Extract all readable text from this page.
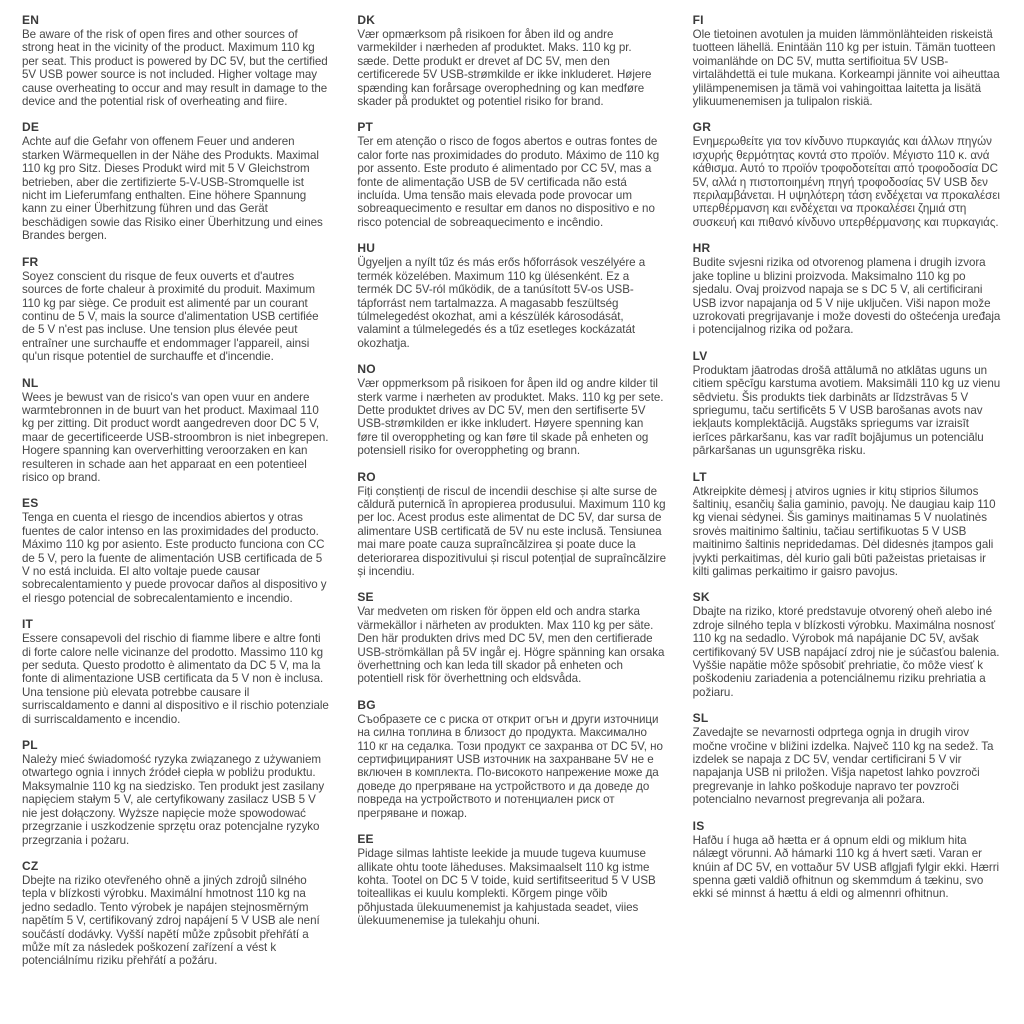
EN

Be aware of the risk of open fires and other sources of strong heat in the vicinity of the product. Maximum 110 kg per seat. This product is powered by DC 5V, but the certified 5V USB power source is not included. Higher voltage may cause overheating to occur and may result in damage to the device and the potential risk of overheating and fiire.

DE

Achte auf die Gefahr von offenem Feuer und anderen starken Wärmequellen in der Nähe des Produkts. Maximal 110 kg pro Sitz. Dieses Produkt wird mit 5 V Gleichstrom betrieben, aber die zertifizierte 5-V-USB-Stromquelle ist nicht im Lieferumfang enthalten. Eine höhere Spannung kann zu einer Überhitzung führen und das Gerät beschädigen sowie das Risiko einer Überhitzung und eines Brandes bergen.

FR

Soyez conscient du risque de feux ouverts et d'autres sources de forte chaleur à proximité du produit. Maximum 110 kg par siège. Ce produit est alimenté par un courant continu de 5 V, mais la source d'alimentation USB certifiée de 5 V n'est pas incluse. Une tension plus élevée peut entraîner une surchauffe et endommager l'appareil, ainsi qu'un risque potentiel de surchauffe et d'incendie.

NL

Wees je bewust van de risico's van open vuur en andere warmtebronnen in de buurt van het product. Maximaal 110 kg per zitting. Dit product wordt aangedreven door DC 5 V, maar de gecertificeerde USB-stroombron is niet inbegrepen. Hogere spanning kan oververhitting veroorzaken en kan resulteren in schade aan het apparaat en een potentieel risico op brand.

ES

Tenga en cuenta el riesgo de incendios abiertos y otras fuentes de calor intenso en las proximidades del producto. Máximo 110 kg por asiento. Este producto funciona con CC de 5 V, pero la fuente de alimentación USB certificada de 5 V no está incluida. El alto voltaje puede causar sobrecalentamiento y puede provocar daños al dispositivo y el riesgo potencial de sobrecalentamiento e incendio.

IT

Essere consapevoli del rischio di fiamme libere e altre fonti di forte calore nelle vicinanze del prodotto. Massimo 110 kg per seduta. Questo prodotto è alimentato da DC 5 V, ma la fonte di alimentazione USB certificata da 5 V non è inclusa. Una tensione più elevata potrebbe causare il surriscaldamento e danni al dispositivo e il rischio potenziale di surriscaldamento e incendio.

PL

Należy mieć świadomość ryzyka związanego z używaniem otwartego ognia i innych źródeł ciepła w pobliżu produktu. Maksymalnie 110 kg na siedzisko. Ten produkt jest zasilany napięciem stałym 5 V, ale certyfikowany zasilacz USB 5 V nie jest dołączony. Wyższe napięcie może spowodować przegrzanie i uszkodzenie sprzętu oraz potencjalne ryzyko przegrzania i pożaru.

CZ

Dbejte na riziko otevřeného ohně a jiných zdrojů silného tepla v blízkosti výrobku. Maximální hmotnost 110 kg na jedno sedadlo. Tento výrobek je napájen stejnosměrným napětím 5 V, certifikovaný zdroj napájení 5 V USB ale není součástí dodávky. Vyšší napětí může způsobit přehřátí a může mít za následek poškození zařízení a vést k potenciálnímu riziku přehřátí a požáru.

DK

Vær opmærksom på risikoen for åben ild og andre varmekilder i nærheden af produktet. Maks. 110 kg pr. sæde. Dette produkt er drevet af DC 5V, men den certificerede 5V USB-strømkilde er ikke inkluderet. Højere spænding kan forårsage overophedning og kan medføre skader på produktet og potentiel risiko for brand.

PT

Ter em atenção o risco de fogos abertos e outras fontes de calor forte nas proximidades do produto. Máximo de 110 kg por assento. Este produto é alimentado por CC 5V, mas a fonte de alimentação USB de 5V certificada não está incluída. Uma tensão mais elevada pode provocar um sobreaquecimento e resultar em danos no dispositivo e no risco potencial de sobreaquecimento e incêndio.

HU

Ügyeljen a nyílt tűz és más erős hőforrások veszélyére a termék közelében. Maximum 110 kg ülésenként. Ez a termék DC 5V-ról működik, de a tanúsított 5V-os USB-tápforrást nem tartalmazza. A magasabb feszültség túlmelegedést okozhat, ami a készülék károsodását, valamint a túlmelegedés és a tűz esetleges kockázatát okozhatja.

NO

Vær oppmerksom på risikoen for åpen ild og andre kilder til sterk varme i nærheten av produktet. Maks. 110 kg per sete. Dette produktet drives av DC 5V, men den sertifiserte 5V USB-strømkilden er ikke inkludert. Høyere spenning kan føre til overoppheting og kan føre til skade på enheten og potensiell risiko for overoppheting og brann.

RO

Fiți conștienți de riscul de incendii deschise și alte surse de căldură puternică în apropierea produsului. Maximum 110 kg per loc. Acest produs este alimentat de DC 5V, dar sursa de alimentare USB certificată de 5V nu este inclusă. Tensiunea mai mare poate cauza supraîncălzirea și poate duce la deteriorarea dispozitivului și riscul potențial de supraîncălzire și incendiu.

SE

Var medveten om risken för öppen eld och andra starka värmekällor i närheten av produkten. Max 110 kg per säte. Den här produkten drivs med DC 5V, men den certifierade USB-strömkällan på 5V ingår ej. Högre spänning kan orsaka överhettning och kan leda till skador på enheten och potentiell risk för överhettning och eldsvåda.

BG

Съобразете се с риска от открит огън и други източници на силна топлина в близост до продукта. Максимално 110 кг на седалка. Този продукт се захранва от DC 5V, но сертифицираният USB източник на захранване 5V не е включен в комплекта. По-високото напрежение може да доведе до прегряване на устройството и да доведе до повреда на устройството и потенциален риск от прегряване и пожар.

EE

Pidage silmas lahtiste leekide ja muude tugeva kuumuse allikate ohtu toote läheduses. Maksimaalselt 110 kg istme kohta. Tootel on DC 5 V toide, kuid sertifitseeritud 5 V USB toiteallikas ei kuulu komplekti. Kõrgem pinge võib põhjustada ülekuumenemist ja kahjustada seadet, viies ülekuumenemise ja tulekahju ohuni.

FI

Ole tietoinen avotulen ja muiden lämmönlähteiden riskeistä tuotteen lähellä. Enintään 110 kg per istuin. Tämän tuotteen voimanlähde on DC 5V, mutta sertifioitua 5V USB-virtalähdettä ei tule mukana. Korkeampi jännite voi aiheuttaa ylilämpenemisen ja tämä voi vahingoittaa laitetta ja lisätä ylikuumenemisen ja tulipalon riskiä.

GR

Ενημερωθείτε για τον κίνδυνο πυρκαγιάς και άλλων πηγών ισχυρής θερμότητας κοντά στο προϊόν. Μέγιστο 110 κ. ανά κάθισμα. Αυτό το προϊόν τροφοδοτείται από τροφοδοσία DC 5V, αλλά η πιστοποιημένη πηγή τροφοδοσίας 5V USB δεν περιλαμβάνεται. Η υψηλότερη τάση ενδέχεται να προκαλέσει υπερθέρμανση και ενδέχεται να προκαλέσει ζημιά στη συσκευή και πιθανό κίνδυνο υπερθέρμανσης και πυρκαγιάς.

HR

Budite svjesni rizika od otvorenog plamena i drugih izvora jake topline u blizini proizvoda. Maksimalno 110 kg po sjedalu. Ovaj proizvod napaja se s DC 5 V, ali certificirani USB izvor napajanja od 5 V nije uključen. Viši napon može uzrokovati pregrijavanje i može dovesti do oštećenja uređaja i potencijalnog rizika od požara.

LV

Produktam jāatrodas drošā attālumā no atklātas uguns un citiem spēcīgu karstuma avotiem. Maksimāli 110 kg uz vienu sēdvietu. Šis produkts tiek darbināts ar līdzstrāvas 5 V spriegumu, taču sertificēts 5 V USB barošanas avots nav iekļauts komplektācijā. Augstāks spriegums var izraisīt ierīces pārkaršanu, kas var radīt bojājumus un potenciālu pārkaršanas un ugunsgrēka risku.

LT

Atkreipkite dėmesį į atviros ugnies ir kitų stiprios šilumos šaltinių, esančių šalia gaminio, pavojų. Ne daugiau kaip 110 kg vienai sėdynei. Šis gaminys maitinamas 5 V nuolatinės srovės maitinimo šaltiniu, tačiau sertifikuotas 5 V USB maitinimo šaltinis nepridedamas. Dėl didesnės įtampos gali įvykti perkaitimas, dėl kurio gali būti pažeistas prietaisas ir kilti galimas perkaitimo ir gaisro pavojus.

SK

Dbajte na riziko, ktoré predstavuje otvorený oheň alebo iné zdroje silného tepla v blízkosti výrobku. Maximálna nosnosť 110 kg na sedadlo. Výrobok má napájanie DC 5V, avšak certifikovaný 5V USB napájací zdroj nie je súčasťou balenia. Vyššie napätie môže spôsobiť prehriatie, čo môže viesť k poškodeniu zariadenia a potenciálnemu riziku prehriatia a požiaru.

SL

Zavedajte se nevarnosti odprtega ognja in drugih virov močne vročine v bližini izdelka. Največ 110 kg na sedež. Ta izdelek se napaja z DC 5V, vendar certificirani 5 V vir napajanja USB ni priložen. Višja napetost lahko povzroči pregrevanje in lahko poškoduje napravo ter povzroči potencialno nevarnost pregrevanja ali požara.

IS

Hafðu í huga að hætta er á opnum eldi og miklum hita nálægt vörunni. Að hámarki 110 kg á hvert sæti. Varan er knúin af DC 5V, en vottaður 5V USB aflgjafi fylgir ekki. Hærri spenna gæti valdið ofhitnun og skemmdum á tækinu, svo ekki sé minnst á hættu á eldi og almennri ofhitnun.
